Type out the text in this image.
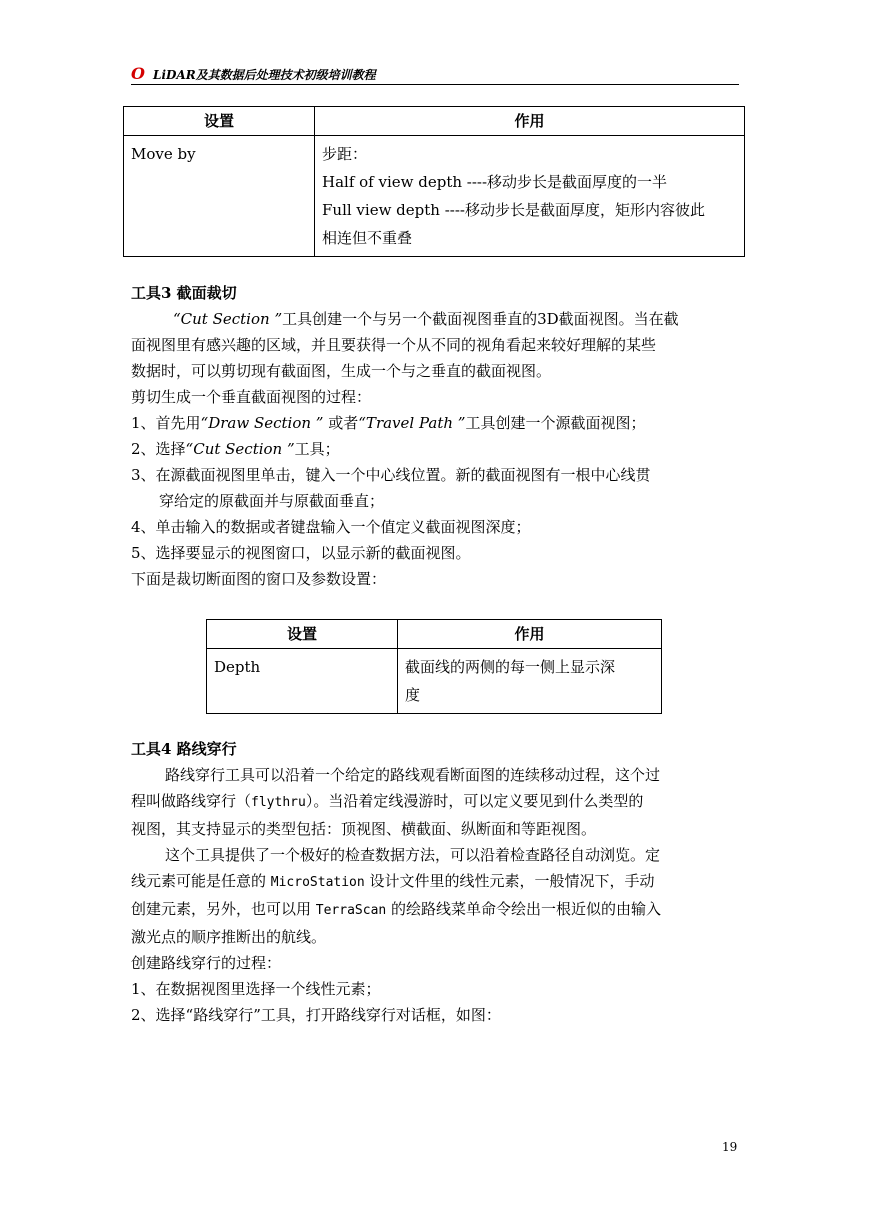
O LiDAR及其数据后处理技术初级培训教程
设置	作用
Move by	步距：
Half of view depth ----移动步长是截面厚度的一半
Full view depth ----移动步长是截面厚度，矩形内容彼此
相连但不重叠
工具3 截面裁切
“Cut Section ”工具创建一个与另一个截面视图垂直的3D截面视图。当在截
面视图里有感兴趣的区域，并且要获得一个从不同的视角看起来较好理解的某些
数据时，可以剪切现有截面图，生成一个与之垂直的截面视图。
剪切生成一个垂直截面视图的过程：
1、首先用“Draw Section ” 或者“Travel Path ”工具创建一个源截面视图；
2、选择“Cut Section ”工具；
3、在源截面视图里单击，键入一个中心线位置。新的截面视图有一根中心线贯
穿给定的原截面并与原截面垂直；
4、单击输入的数据或者键盘输入一个值定义截面视图深度；
5、选择要显示的视图窗口，以显示新的截面视图。
下面是裁切断面图的窗口及参数设置：
设置	作用
Depth	截面线的两侧的每一侧上显示深
度
工具4 路线穿行
路线穿行工具可以沿着一个给定的路线观看断面图的连续移动过程，这个过
程叫做路线穿行（flythru）。当沿着定线漫游时，可以定义要见到什么类型的
视图，其支持显示的类型包括：顶视图、横截面、纵断面和等距视图。
这个工具提供了一个极好的检查数据方法，可以沿着检查路径自动浏览。定
线元素可能是任意的 MicroStation 设计文件里的线性元素，一般情况下，手动
创建元素，另外，也可以用 TerraScan 的绘路线菜单命令绘出一根近似的由输入
激光点的顺序推断出的航线。
创建路线穿行的过程：
1、在数据视图里选择一个线性元素；
2、选择“路线穿行”工具，打开路线穿行对话框，如图：
19
